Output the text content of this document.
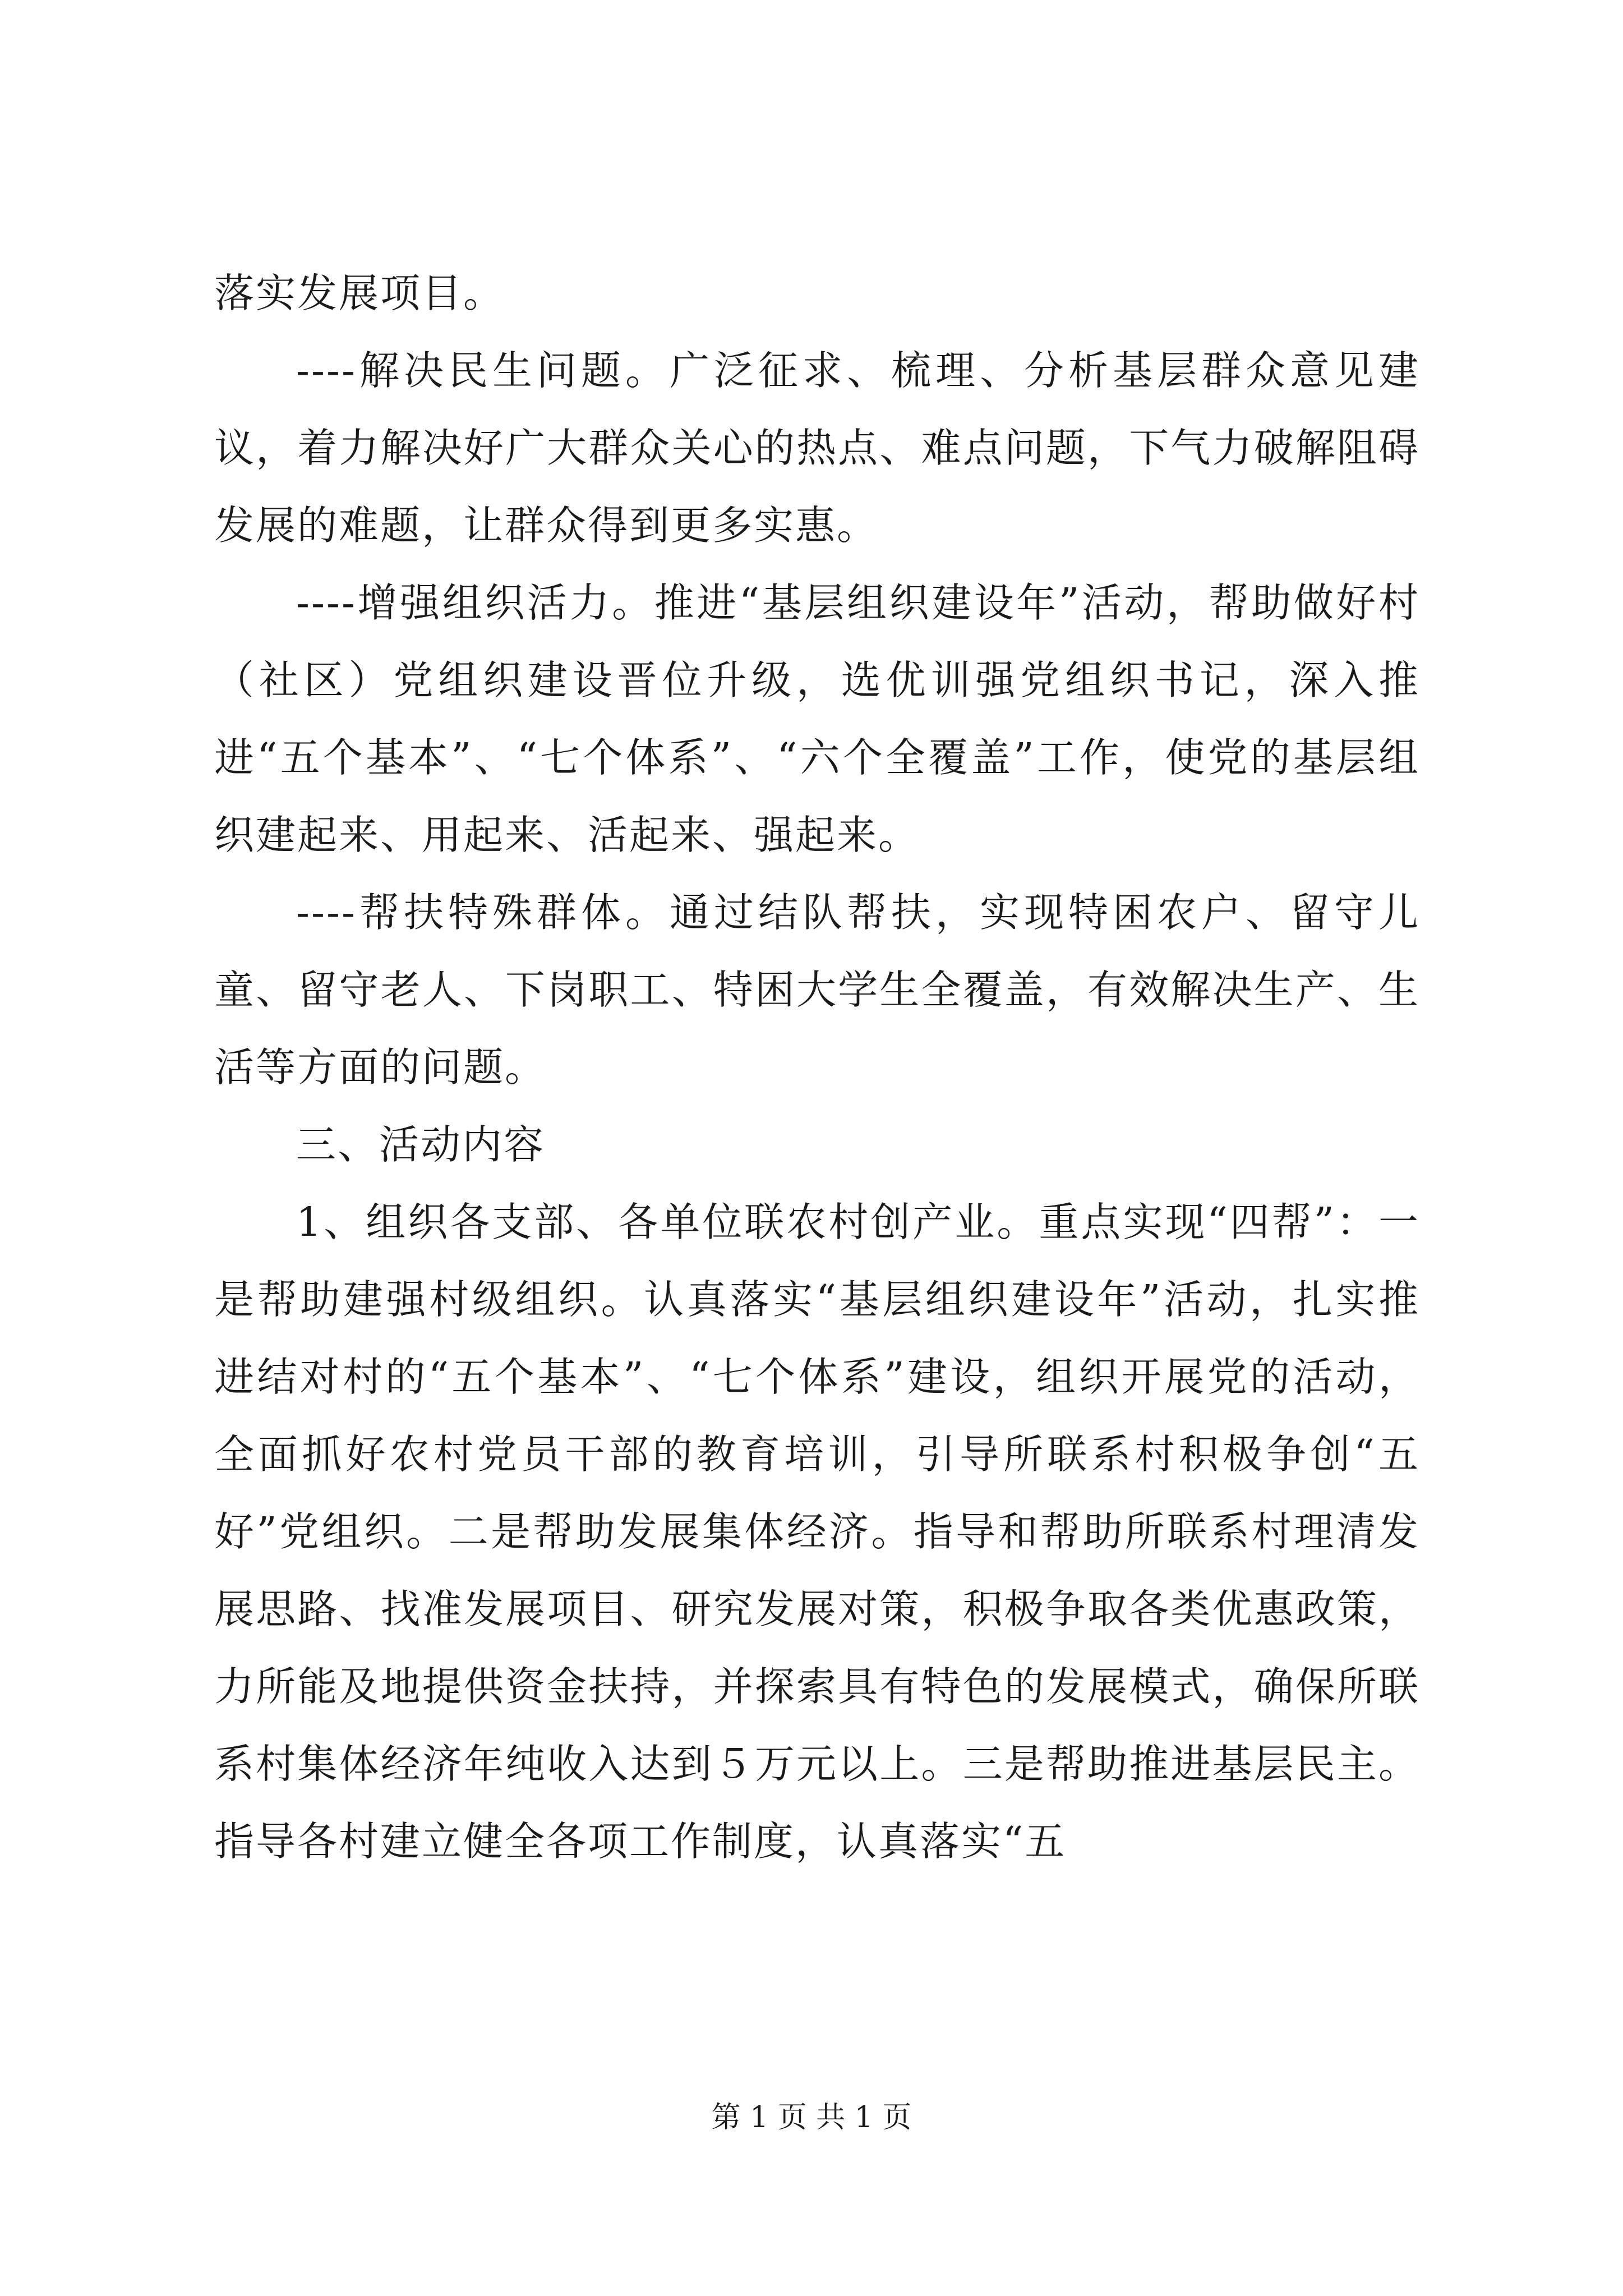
落实发展项目。

----解决民生问题。广泛征求、梳理、分析基层群众意见建议，着力解决好广大群众关心的热点、难点问题，下气力破解阻碍发展的难题，让群众得到更多实惠。

----增强组织活力。推进“基层组织建设年”活动，帮助做好村（社区）党组织建设晋位升级，选优训强党组织书记，深入推进“五个基本”、“七个体系”、“六个全覆盖”工作，使党的基层组织建起来、用起来、活起来、强起来。

----帮扶特殊群体。通过结队帮扶，实现特困农户、留守儿童、留守老人、下岗职工、特困大学生全覆盖，有效解决生产、生活等方面的问题。

三、活动内容

1、组织各支部、各单位联农村创产业。重点实现“四帮”：一是帮助建强村级组织。认真落实“基层组织建设年”活动，扎实推进结对村的“五个基本”、“七个体系”建设，组织开展党的活动，全面抓好农村党员干部的教育培训，引导所联系村积极争创“五好”党组织。二是帮助发展集体经济。指导和帮助所联系村理清发展思路、找准发展项目、研究发展对策，积极争取各类优惠政策，力所能及地提供资金扶持，并探索具有特色的发展模式，确保所联系村集体经济年纯收入达到５万元以上。三是帮助推进基层民主。指导各村建立健全各项工作制度，认真落实“五

第 1 页 共 1 页
